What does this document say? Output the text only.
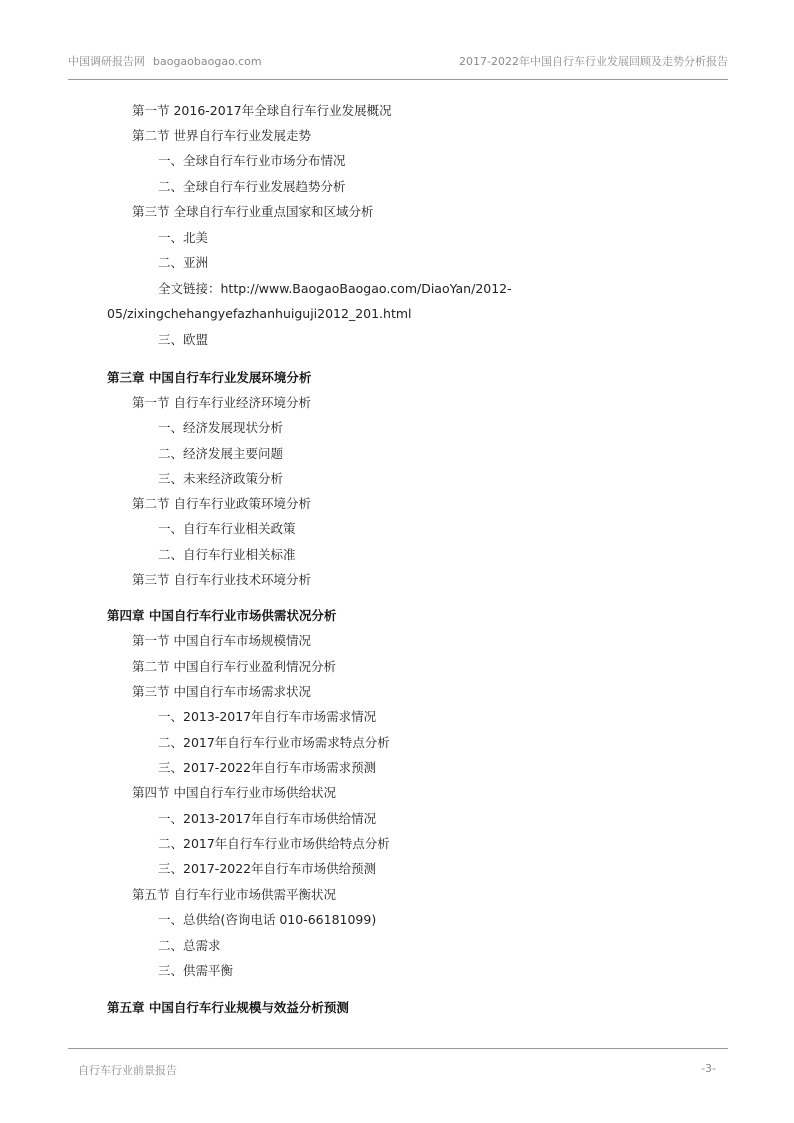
中国调研报告网 baogaobaogao.com	2017-2022年中国自行车行业发展回顾及走势分析报告
第一节 2016-2017年全球自行车行业发展概况
第二节 世界自行车行业发展走势
一、全球自行车行业市场分布情况
二、全球自行车行业发展趋势分析
第三节 全球自行车行业重点国家和区域分析
一、北美
二、亚洲
全文链接：http://www.BaogaoBaogao.com/DiaoYan/2012-
05/zixingchehangyefazhanhuiguji2012_201.html
三、欧盟
第三章 中国自行车行业发展环境分析
第一节 自行车行业经济环境分析
一、经济发展现状分析
二、经济发展主要问题
三、未来经济政策分析
第二节 自行车行业政策环境分析
一、自行车行业相关政策
二、自行车行业相关标准
第三节 自行车行业技术环境分析
第四章 中国自行车行业市场供需状况分析
第一节 中国自行车市场规模情况
第二节 中国自行车行业盈利情况分析
第三节 中国自行车市场需求状况
一、2013-2017年自行车市场需求情况
二、2017年自行车行业市场需求特点分析
三、2017-2022年自行车市场需求预测
第四节 中国自行车行业市场供给状况
一、2013-2017年自行车市场供给情况
二、2017年自行车行业市场供给特点分析
三、2017-2022年自行车市场供给预测
第五节 自行车行业市场供需平衡状况
一、总供给(咨询电话 010-66181099)
二、总需求
三、供需平衡
第五章 中国自行车行业规模与效益分析预测
自行车行业前景报告	-3-
